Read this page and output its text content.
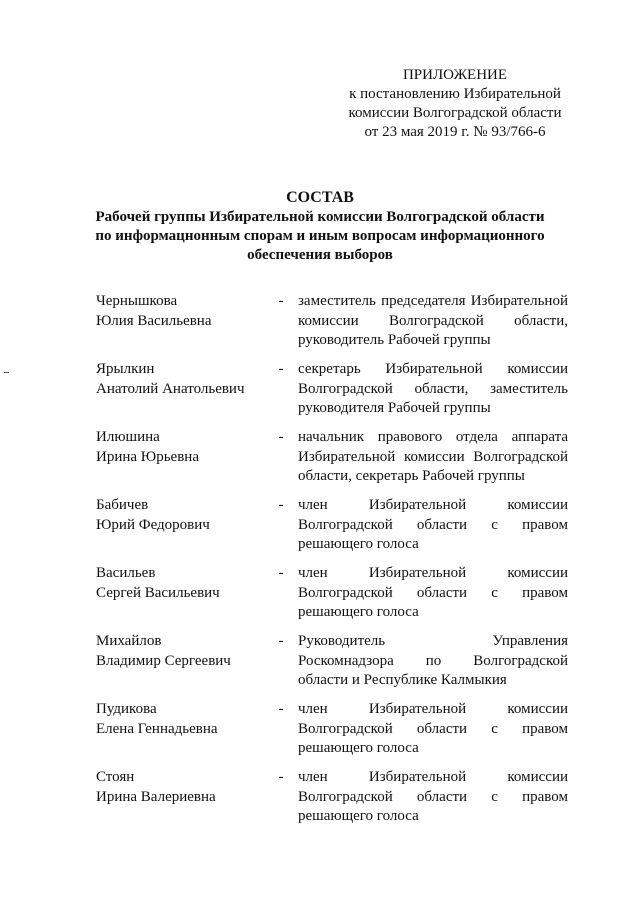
ПРИЛОЖЕНИЕ
к постановлению Избирательной
комиссии Волгоградской области
от 23 мая 2019 г. № 93/766-6
СОСТАВ
Рабочей группы Избирательной комиссии Волгоградской области
по информацнонным спорам и иным вопросам информационного
обеспечения выборов
Чернышкова
Юлия Васильевна
- заместитель председателя Избирательной
комиссии Волгоградской области,
руководитель Рабочей группы
Ярылкин
Анатолий Анатольевич
- секретарь Избирательной комиссии
Волгоградской области, заместитель
руководителя Рабочей группы
Илюшина
Ирина Юрьевна
- начальник правового отдела аппарата
Избирательной комиссии Волгоградской
области, секретарь Рабочей группы
Бабичев
Юрий Федорович
- член Избирательной комиссии
Волгоградской области с правом
решающего голоса
Васильев
Сергей Васильевич
- член Избирательной комиссии
Волгоградской области с правом
решающего голоса
Михайлов
Владимир Сергеевич
- Руководитель Управления
Роскомнадзора по Волгоградской
области и Республике Калмыкия
Пудикова
Елена Геннадьевна
- член Избирательной комиссии
Волгоградской области с правом
решающего голоса
Стоян
Ирина Валериевна
- член Избирательной комиссии
Волгоградской области с правом
решающего голоса
